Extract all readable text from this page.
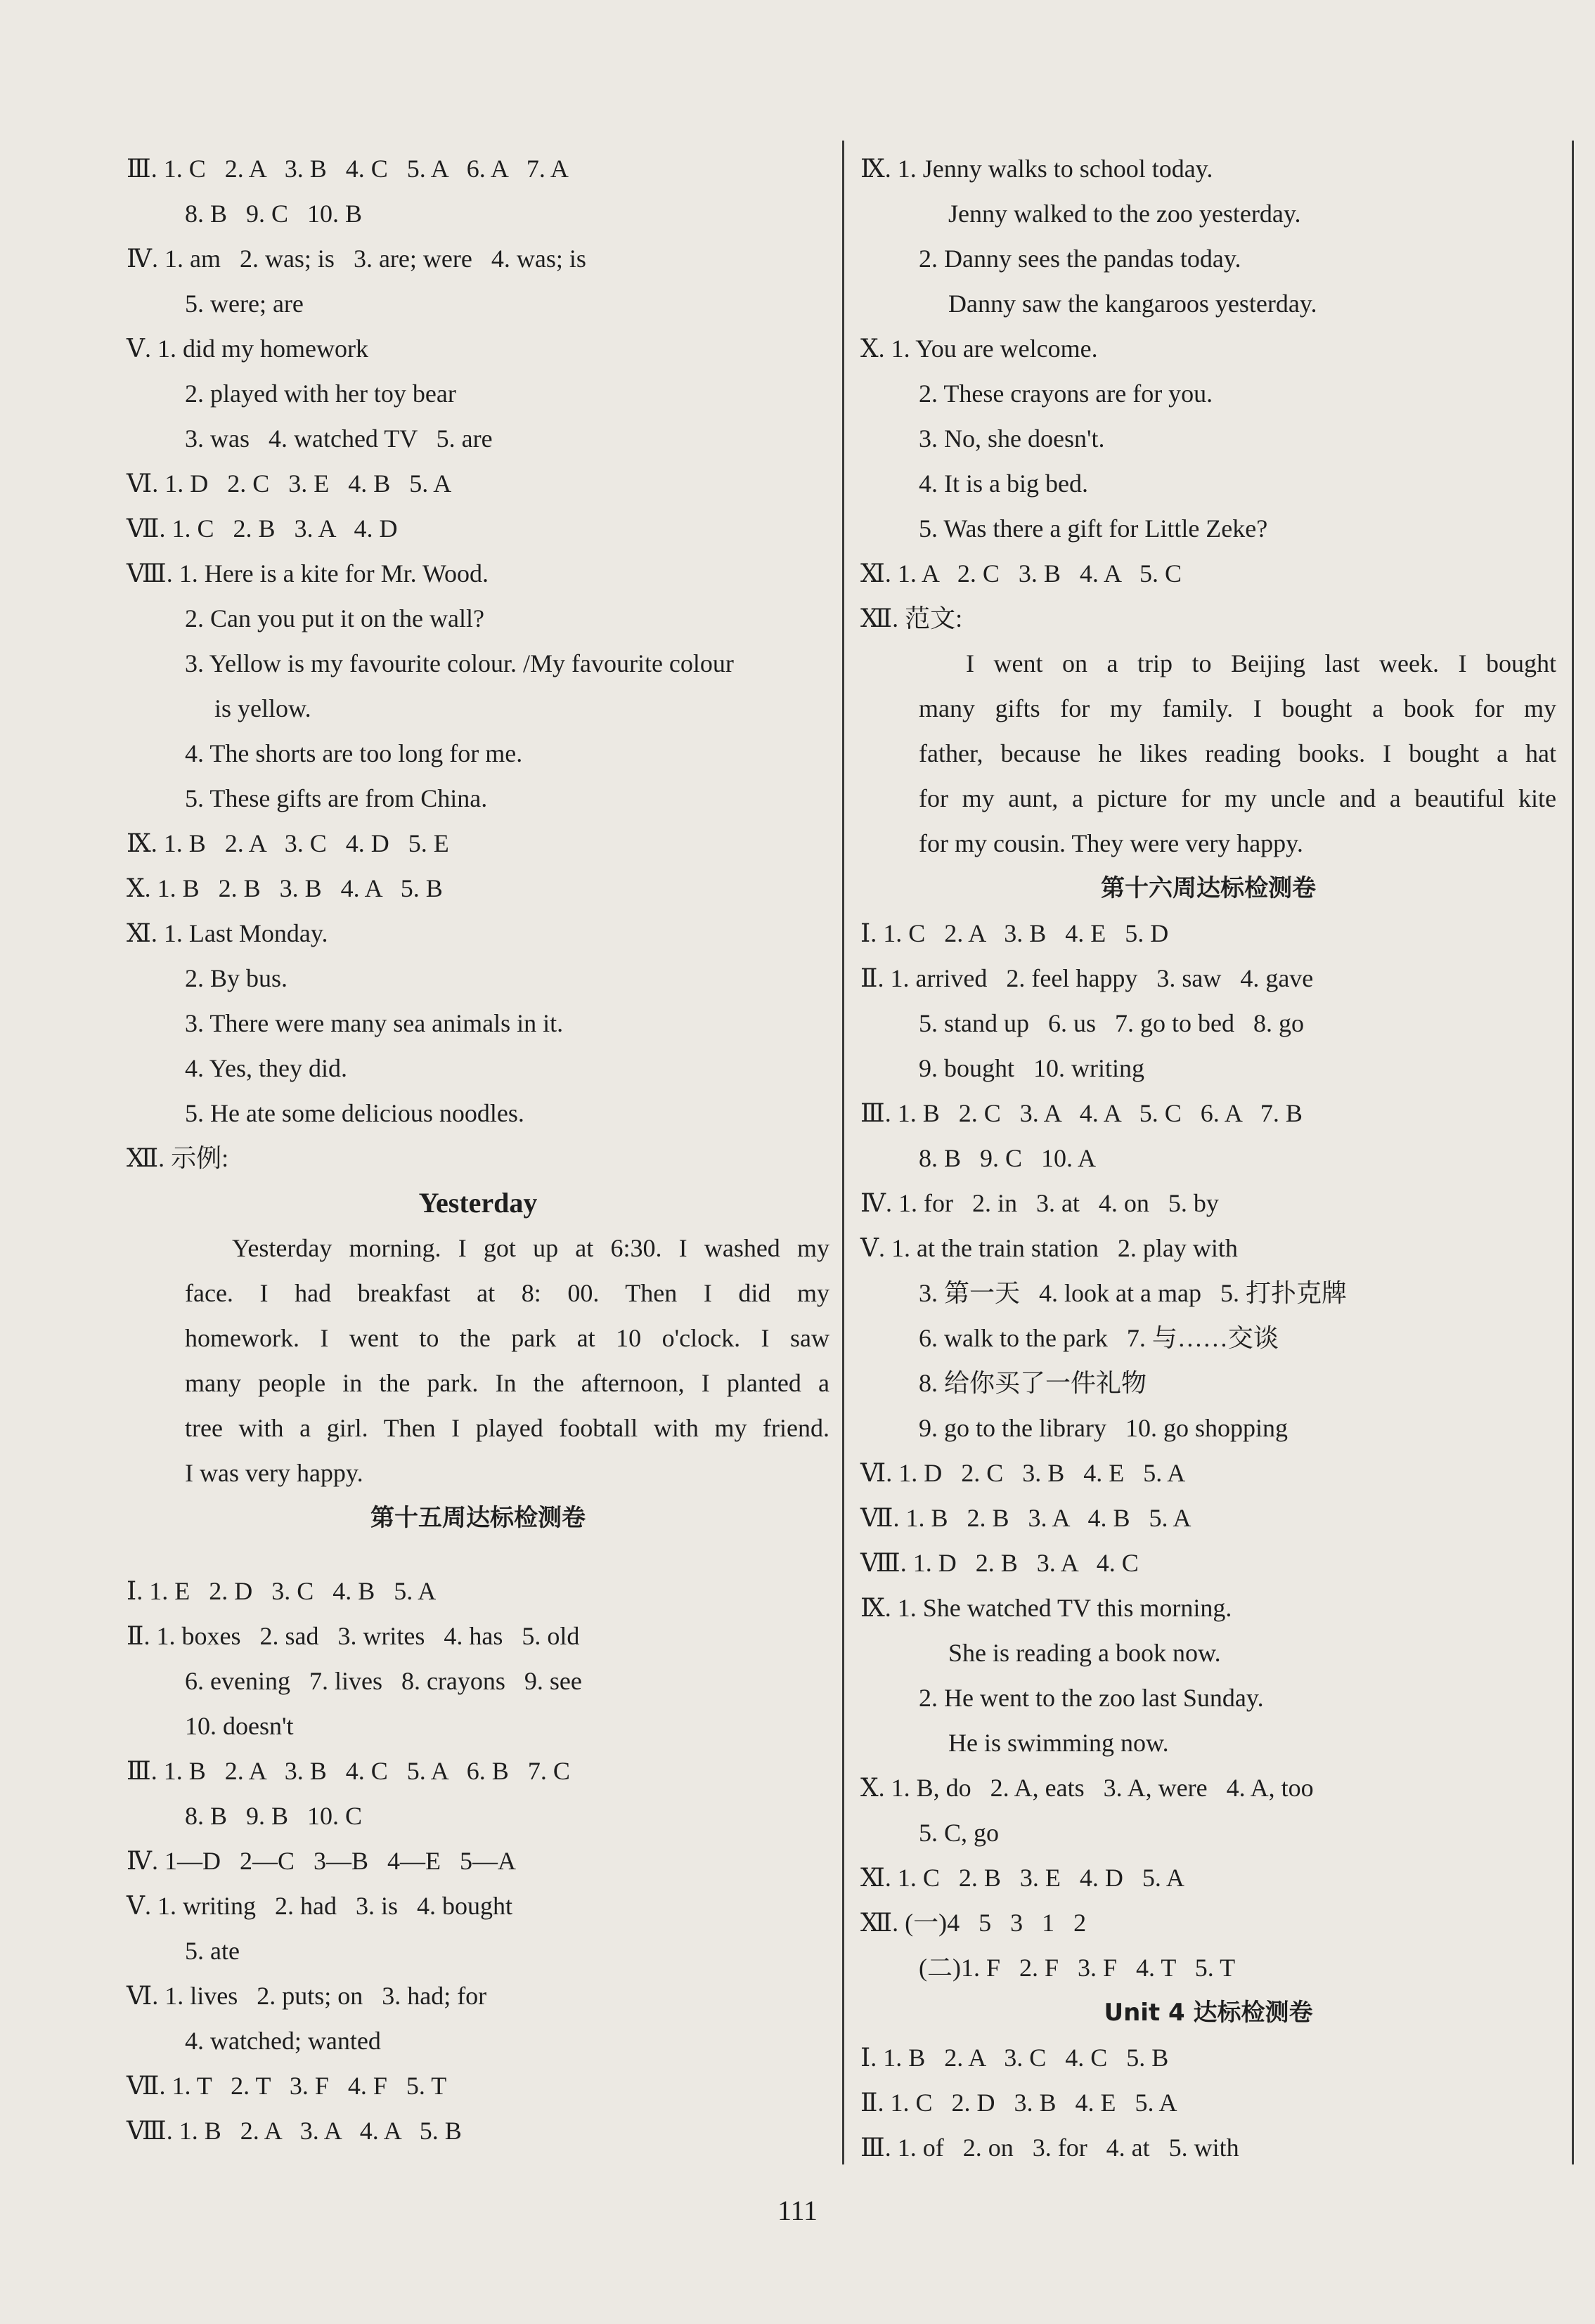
Ⅲ. 1. C   2. A   3. B   4. C   5. A   6. A   7. A
8. B   9. C   10. B
Ⅳ. 1. am   2. was; is   3. are; were   4. was; is
5. were; are
Ⅴ. 1. did my homework
2. played with her toy bear
3. was   4. watched TV   5. are
Ⅵ. 1. D   2. C   3. E   4. B   5. A
Ⅶ. 1. C   2. B   3. A   4. D
Ⅷ. 1. Here is a kite for Mr. Wood.
2. Can you put it on the wall?
3. Yellow is my favourite colour. /My favourite colour
is yellow.
4. The shorts are too long for me.
5. These gifts are from China.
Ⅸ. 1. B   2. A   3. C   4. D   5. E
Ⅹ. 1. B   2. B   3. B   4. A   5. B
Ⅺ. 1. Last Monday.
2. By bus.
3. There were many sea animals in it.
4. Yes, they did.
5. He ate some delicious noodles.
Ⅻ. 示例:
Yesterday
Yesterday morning. I got up at 6:30. I washed my
face. I had breakfast at 8: 00. Then I did my
homework. I went to the park at 10 o'clock. I saw
many people in the park. In the afternoon, I planted a
tree with a girl. Then I played foobtall with my friend.
I was very happy.
第十五周达标检测卷
Ⅰ. 1. E   2. D   3. C   4. B   5. A
Ⅱ. 1. boxes   2. sad   3. writes   4. has   5. old
6. evening   7. lives   8. crayons   9. see
10. doesn't
Ⅲ. 1. B   2. A   3. B   4. C   5. A   6. B   7. C
8. B   9. B   10. C
Ⅳ. 1—D   2—C   3—B   4—E   5—A
Ⅴ. 1. writing   2. had   3. is   4. bought
5. ate
Ⅵ. 1. lives   2. puts; on   3. had; for
4. watched; wanted
Ⅶ. 1. T   2. T   3. F   4. F   5. T
Ⅷ. 1. B   2. A   3. A   4. A   5. B
Ⅸ. 1. Jenny walks to school today.
Jenny walked to the zoo yesterday.
2. Danny sees the pandas today.
Danny saw the kangaroos yesterday.
Ⅹ. 1. You are welcome.
2. These crayons are for you.
3. No, she doesn't.
4. It is a big bed.
5. Was there a gift for Little Zeke?
Ⅺ. 1. A   2. C   3. B   4. A   5. C
Ⅻ. 范文:
I went on a trip to Beijing last week. I bought
many gifts for my family. I bought a book for my
father, because he likes reading books. I bought a hat
for my aunt, a picture for my uncle and a beautiful kite
for my cousin. They were very happy.
第十六周达标检测卷
Ⅰ. 1. C   2. A   3. B   4. E   5. D
Ⅱ. 1. arrived   2. feel happy   3. saw   4. gave
5. stand up   6. us   7. go to bed   8. go
9. bought   10. writing
Ⅲ. 1. B   2. C   3. A   4. A   5. C   6. A   7. B
8. B   9. C   10. A
Ⅳ. 1. for   2. in   3. at   4. on   5. by
Ⅴ. 1. at the train station   2. play with
3. 第一天   4. look at a map   5. 打扑克牌
6. walk to the park   7. 与……交谈
8. 给你买了一件礼物
9. go to the library   10. go shopping
Ⅵ. 1. D   2. C   3. B   4. E   5. A
Ⅶ. 1. B   2. B   3. A   4. B   5. A
Ⅷ. 1. D   2. B   3. A   4. C
Ⅸ. 1. She watched TV this morning.
She is reading a book now.
2. He went to the zoo last Sunday.
He is swimming now.
Ⅹ. 1. B, do   2. A, eats   3. A, were   4. A, too
5. C, go
Ⅺ. 1. C   2. B   3. E   4. D   5. A
Ⅻ. (一)4   5   3   1   2
(二)1. F   2. F   3. F   4. T   5. T
Unit 4 达标检测卷
Ⅰ. 1. B   2. A   3. C   4. C   5. B
Ⅱ. 1. C   2. D   3. B   4. E   5. A
Ⅲ. 1. of   2. on   3. for   4. at   5. with
111
